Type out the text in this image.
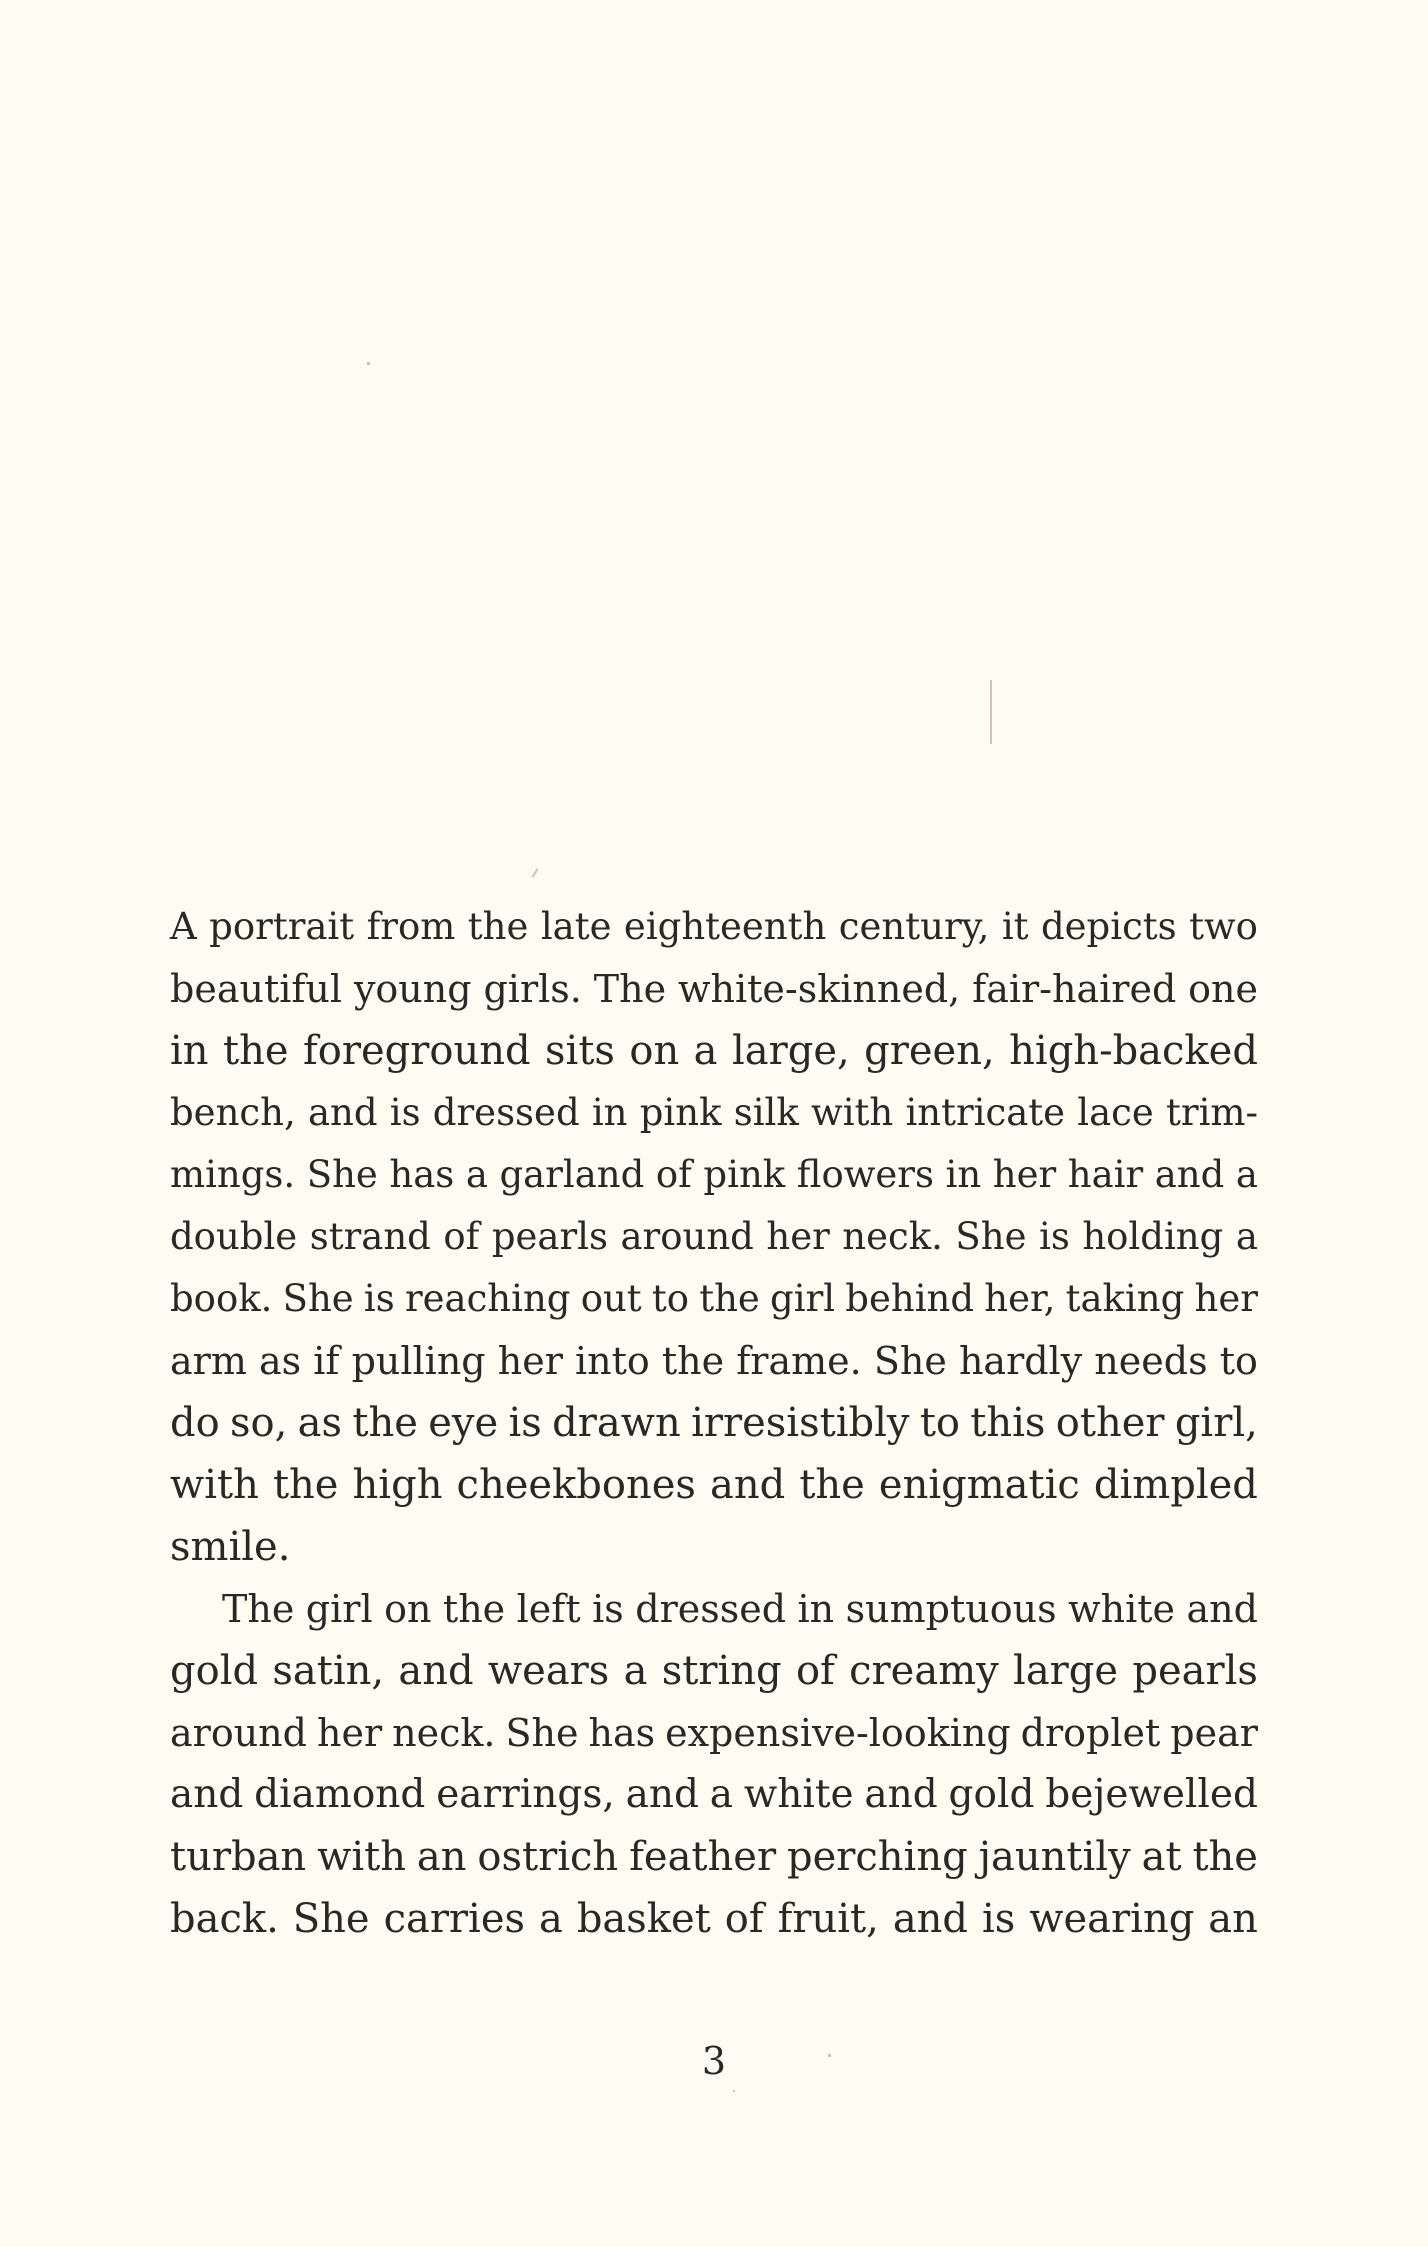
A portrait from the late eighteenth century, it depicts two
beautiful young girls. The white-skinned, fair-haired one
in the foreground sits on a large, green, high-backed
bench, and is dressed in pink silk with intricate lace trim-
mings. She has a garland of pink flowers in her hair and a
double strand of pearls around her neck. She is holding a
book. She is reaching out to the girl behind her, taking her
arm as if pulling her into the frame. She hardly needs to
do so, as the eye is drawn irresistibly to this other girl,
with the high cheekbones and the enigmatic dimpled
smile.
The girl on the left is dressed in sumptuous white and
gold satin, and wears a string of creamy large pearls
around her neck. She has expensive-looking droplet pear
and diamond earrings, and a white and gold bejewelled
turban with an ostrich feather perching jauntily at the
back. She carries a basket of fruit, and is wearing an
3
